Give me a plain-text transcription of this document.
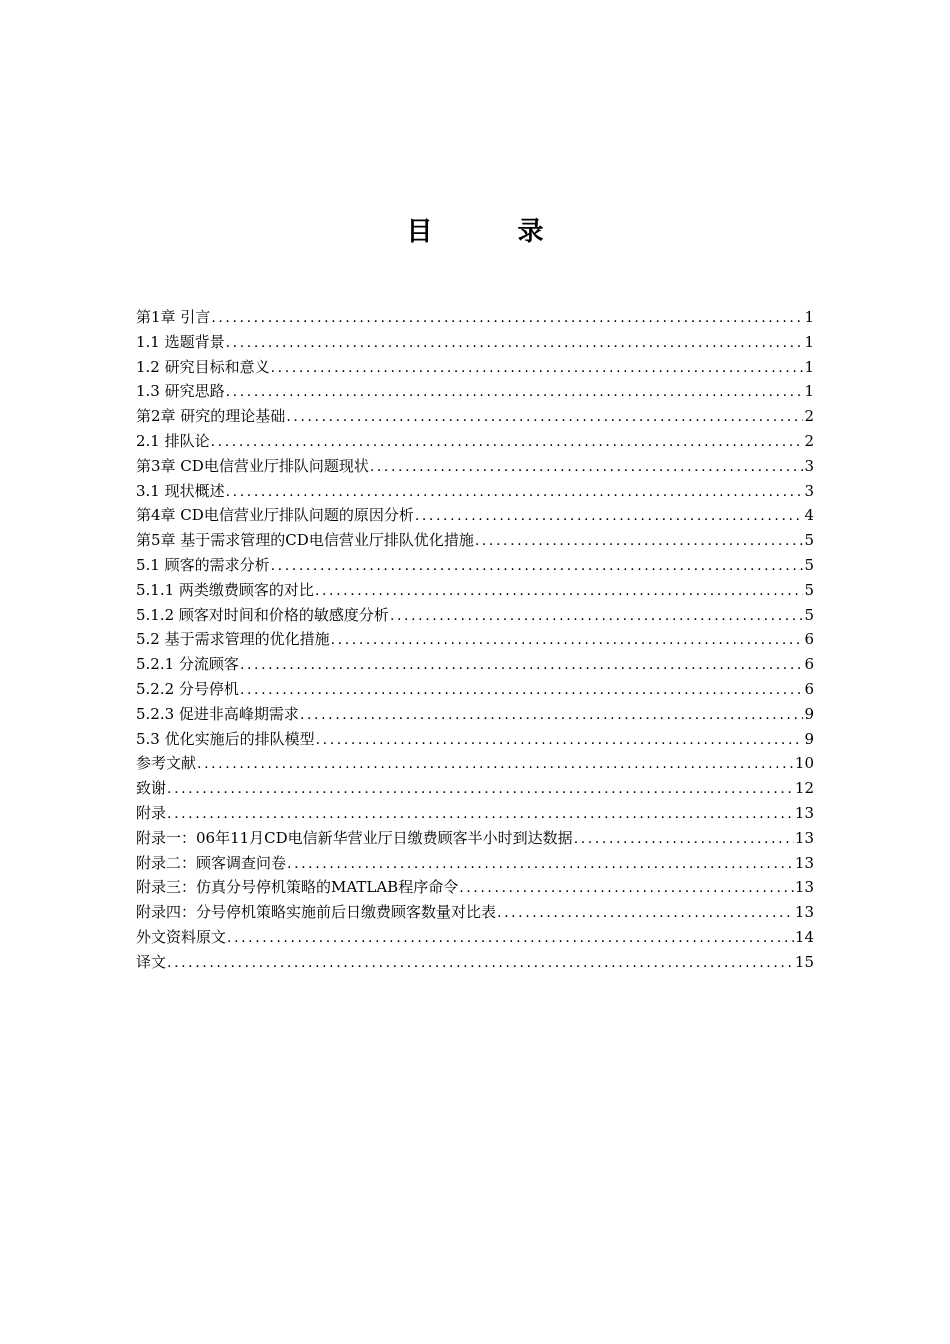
目 录
第1章 引言 .....	1
1.1 选题背景 .....	1
1.2 研究目标和意义 .....	1
1.3 研究思路 .....	1
第2章 研究的理论基础 .....	2
2.1 排队论 .....	2
第3章 CD电信营业厅排队问题现状 .....	3
3.1 现状概述 .....	3
第4章 CD电信营业厅排队问题的原因分析 .....	4
第5章 基于需求管理的CD电信营业厅排队优化措施 .....	5
5.1 顾客的需求分析 .....	5
5.1.1 两类缴费顾客的对比 .....	5
5.1.2 顾客对时间和价格的敏感度分析 .....	5
5.2 基于需求管理的优化措施 .....	6
5.2.1 分流顾客 .....	6
5.2.2 分号停机 .....	6
5.2.3 促进非高峰期需求 .....	9
5.3 优化实施后的排队模型 .....	9
参考文献 .....	10
致谢 .....	12
附录 .....	13
附录一：06年11月CD电信新华营业厅日缴费顾客半小时到达数据 .....	13
附录二：顾客调查问卷 .....	13
附录三：仿真分号停机策略的MATLAB程序命令 .....	13
附录四：分号停机策略实施前后日缴费顾客数量对比表 .....	13
外文资料原文 .....	14
译文 .....	15
